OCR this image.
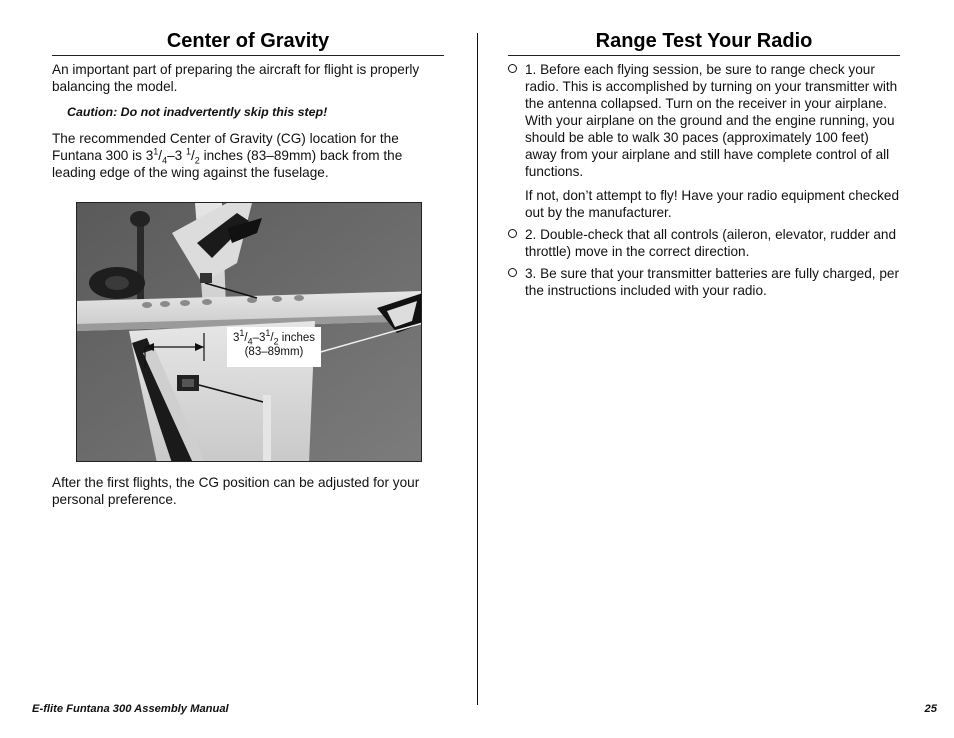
Center of Gravity

An important part of preparing the aircraft for flight is properly balancing the model.

Caution: Do not inadvertently skip this step!

The recommended Center of Gravity (CG) location for the Funtana 300 is $3^1/_4-3$ $^1/_2$ inches (83–89mm) back from the leading edge of the wing against the fuselage.

$3^1/_4-3^1/_2$ inches
(83–89mm)

After the first flights, the CG position can be adjusted for your personal preference.

Range Test Your Radio

1. Before each flying session, be sure to range check your radio. This is accomplished by turning on your transmitter with the antenna collapsed. Turn on the receiver in your airplane. With your airplane on the ground and the engine running, you should be able to walk 30 paces (approximately 100 feet) away from your airplane and still have complete control of all functions.

If not, don’t attempt to fly! Have your radio equipment checked out by the manufacturer.

2. Double-check that all controls (aileron, elevator, rudder and throttle) move in the correct direction.

3. Be sure that your transmitter batteries are fully charged, per the instructions included with your radio.

E-flite Funtana 300 Assembly Manual	25
